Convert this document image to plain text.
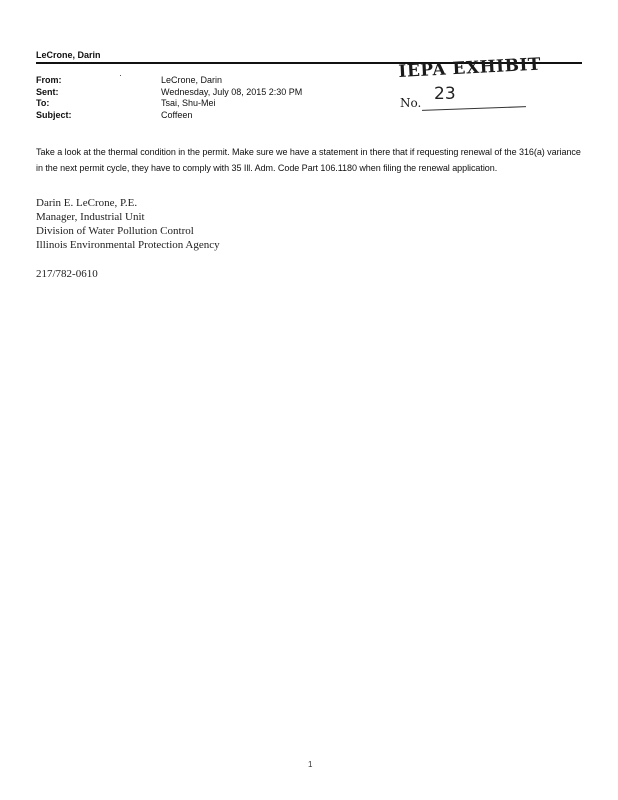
LeCrone, Darin
From:	LeCrone, Darin
Sent:	Wednesday, July 08, 2015 2:30 PM
To:	Tsai, Shu-Mei
Subject:	Coffeen
IEPA EXHIBIT
No. 23
Take a look at the thermal condition in the permit. Make sure we have a statement in there that if requesting renewal of the 316(a) variance in the next permit cycle, they have to comply with 35 Ill. Adm. Code Part 106.1180 when filing the renewal application.
Darin E. LeCrone, P.E.
Manager, Industrial Unit
Division of Water Pollution Control
Illinois Environmental Protection Agency
217/782-0610
1
